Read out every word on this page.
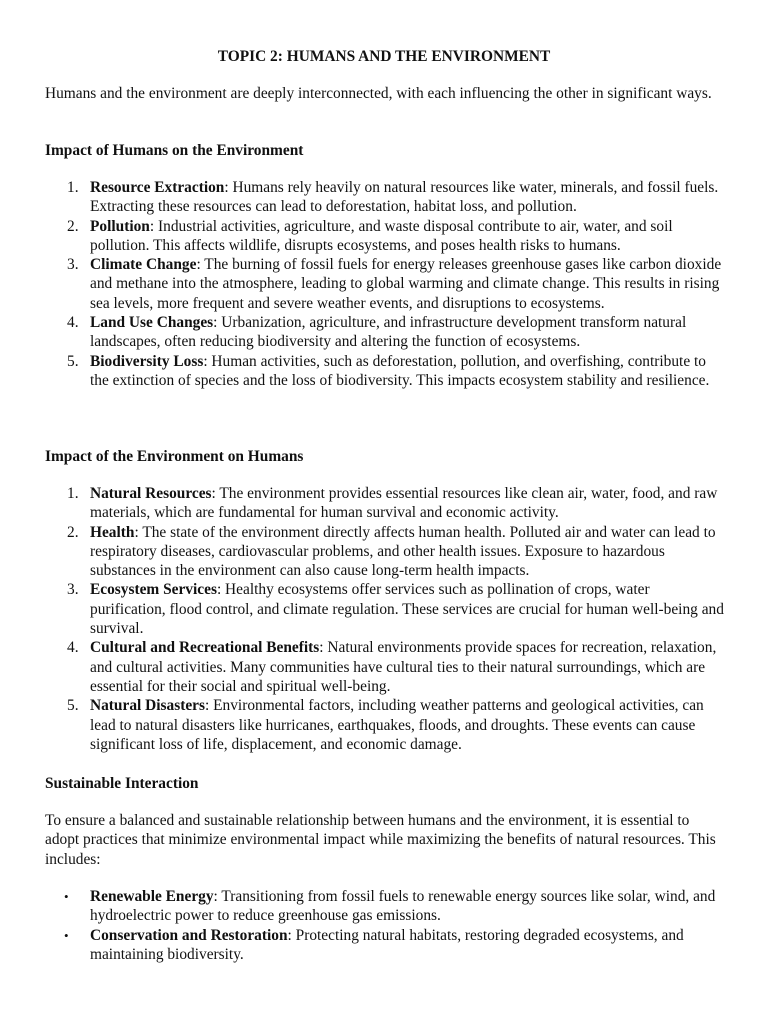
TOPIC 2: HUMANS AND THE ENVIRONMENT

Humans and the environment are deeply interconnected, with each influencing the other in significant ways.

Impact of Humans on the Environment
1. Resource Extraction: Humans rely heavily on natural resources like water, minerals, and fossil fuels. Extracting these resources can lead to deforestation, habitat loss, and pollution.
2. Pollution: Industrial activities, agriculture, and waste disposal contribute to air, water, and soil pollution. This affects wildlife, disrupts ecosystems, and poses health risks to humans.
3. Climate Change: The burning of fossil fuels for energy releases greenhouse gases like carbon dioxide and methane into the atmosphere, leading to global warming and climate change. This results in rising sea levels, more frequent and severe weather events, and disruptions to ecosystems.
4. Land Use Changes: Urbanization, agriculture, and infrastructure development transform natural landscapes, often reducing biodiversity and altering the function of ecosystems.
5. Biodiversity Loss: Human activities, such as deforestation, pollution, and overfishing, contribute to the extinction of species and the loss of biodiversity. This impacts ecosystem stability and resilience.
Impact of the Environment on Humans
1. Natural Resources: The environment provides essential resources like clean air, water, food, and raw materials, which are fundamental for human survival and economic activity.
2. Health: The state of the environment directly affects human health. Polluted air and water can lead to respiratory diseases, cardiovascular problems, and other health issues. Exposure to hazardous substances in the environment can also cause long-term health impacts.
3. Ecosystem Services: Healthy ecosystems offer services such as pollination of crops, water purification, flood control, and climate regulation. These services are crucial for human well-being and survival.
4. Cultural and Recreational Benefits: Natural environments provide spaces for recreation, relaxation, and cultural activities. Many communities have cultural ties to their natural surroundings, which are essential for their social and spiritual well-being.
5. Natural Disasters: Environmental factors, including weather patterns and geological activities, can lead to natural disasters like hurricanes, earthquakes, floods, and droughts. These events can cause significant loss of life, displacement, and economic damage.
Sustainable Interaction

To ensure a balanced and sustainable relationship between humans and the environment, it is essential to adopt practices that minimize environmental impact while maximizing the benefits of natural resources. This includes:

• Renewable Energy: Transitioning from fossil fuels to renewable energy sources like solar, wind, and hydroelectric power to reduce greenhouse gas emissions.
• Conservation and Restoration: Protecting natural habitats, restoring degraded ecosystems, and maintaining biodiversity.
